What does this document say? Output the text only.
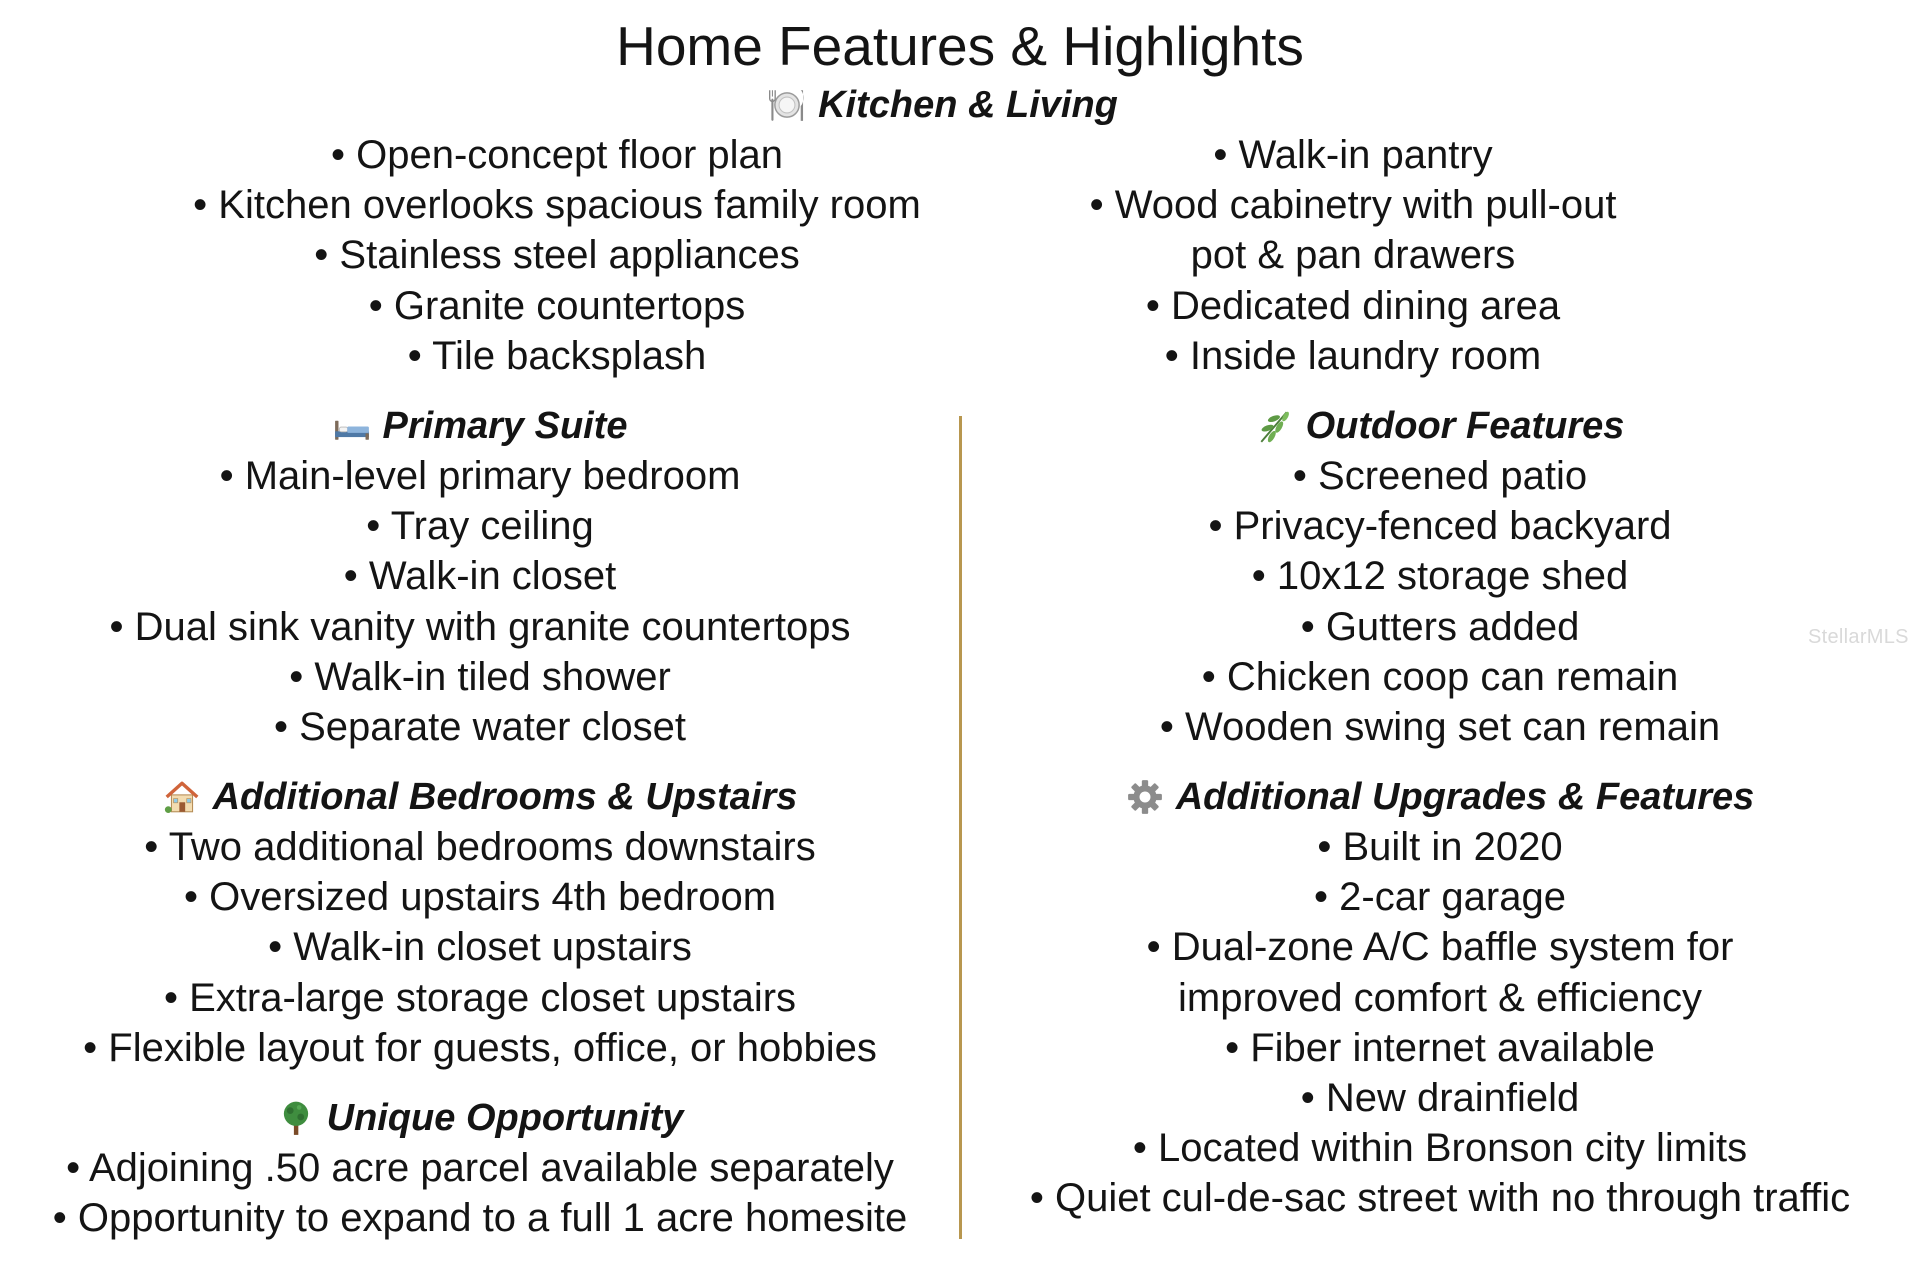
Home Features & Highlights
Kitchen & Living
• Open-concept floor plan
• Kitchen overlooks spacious family room
• Stainless steel appliances
• Granite countertops
• Tile backsplash
• Walk-in pantry
• Wood cabinetry with pull-out
pot & pan drawers
• Dedicated dining area
• Inside laundry room
Primary Suite
• Main-level primary bedroom
• Tray ceiling
• Walk-in closet
• Dual sink vanity with granite countertops
• Walk-in tiled shower
• Separate water closet
Outdoor Features
• Screened patio
• Privacy-fenced backyard
• 10x12 storage shed
• Gutters added
• Chicken coop can remain
• Wooden swing set can remain
Additional Bedrooms & Upstairs
• Two additional bedrooms downstairs
• Oversized upstairs 4th bedroom
• Walk-in closet upstairs
• Extra-large storage closet upstairs
• Flexible layout for guests, office, or hobbies
Additional Upgrades & Features
• Built in 2020
• 2-car garage
• Dual-zone A/C baffle system for
improved comfort & efficiency
• Fiber internet available
• New drainfield
• Located within Bronson city limits
• Quiet cul-de-sac street with no through traffic
Unique Opportunity
• Adjoining .50 acre parcel available separately
• Opportunity to expand to a full 1 acre homesite
StellarMLS
